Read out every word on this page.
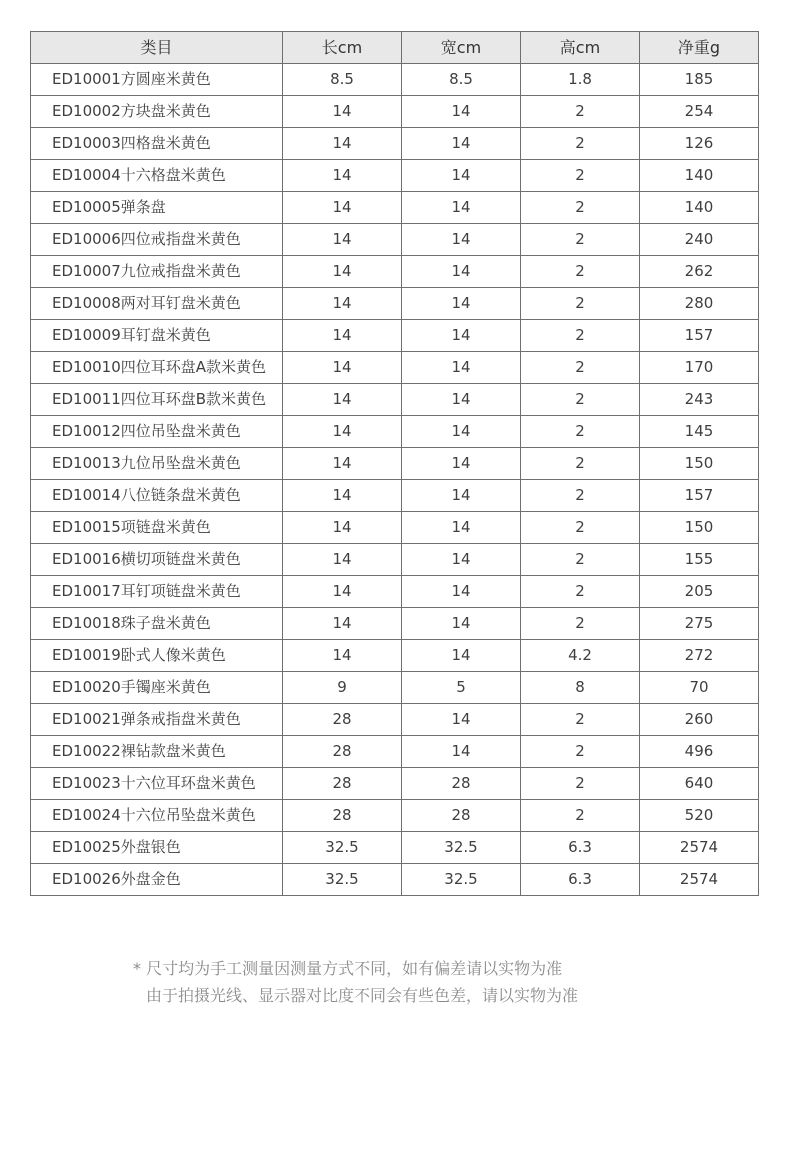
类目	长cm	宽cm	高cm	净重g
ED10001方圆座米黄色	8.5	8.5	1.8	185
ED10002方块盘米黄色	14	14	2	254
ED10003四格盘米黄色	14	14	2	126
ED10004十六格盘米黄色	14	14	2	140
ED10005弹条盘	14	14	2	140
ED10006四位戒指盘米黄色	14	14	2	240
ED10007九位戒指盘米黄色	14	14	2	262
ED10008两对耳钉盘米黄色	14	14	2	280
ED10009耳钉盘米黄色	14	14	2	157
ED10010四位耳环盘A款米黄色	14	14	2	170
ED10011四位耳环盘B款米黄色	14	14	2	243
ED10012四位吊坠盘米黄色	14	14	2	145
ED10013九位吊坠盘米黄色	14	14	2	150
ED10014八位链条盘米黄色	14	14	2	157
ED10015项链盘米黄色	14	14	2	150
ED10016横切项链盘米黄色	14	14	2	155
ED10017耳钉项链盘米黄色	14	14	2	205
ED10018珠子盘米黄色	14	14	2	275
ED10019卧式人像米黄色	14	14	4.2	272
ED10020手镯座米黄色	9	5	8	70
ED10021弹条戒指盘米黄色	28	14	2	260
ED10022裸钻款盘米黄色	28	14	2	496
ED10023十六位耳环盘米黄色	28	28	2	640
ED10024十六位吊坠盘米黄色	28	28	2	520
ED10025外盘银色	32.5	32.5	6.3	2574
ED10026外盘金色	32.5	32.5	6.3	2574
* 尺寸均为手工测量因测量方式不同，如有偏差请以实物为准
由于拍摄光线、显示器对比度不同会有些色差，请以实物为准
